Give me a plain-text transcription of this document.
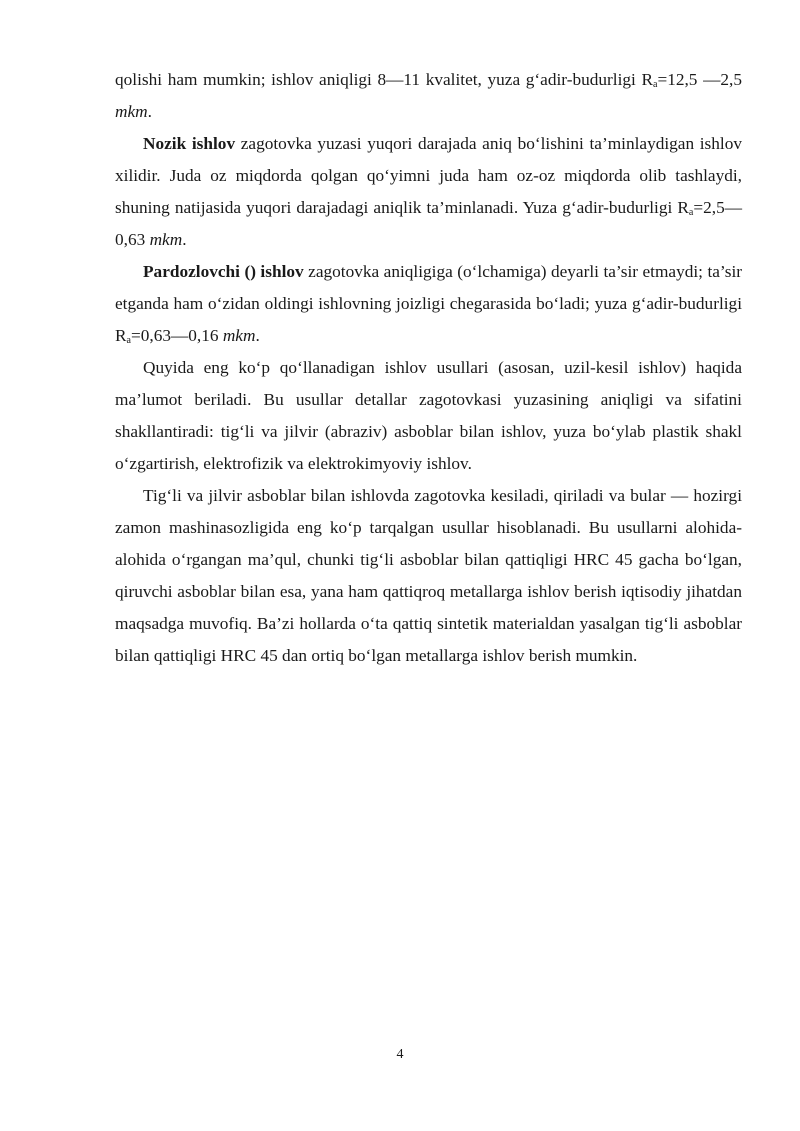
qolishi ham mumkin; ishlov aniqligi 8—11 kvalitet, yuza g‘adir-budurligi $R_a=12,5$ —2,5 mkm.

Nozik ishlov zagotovka yuzasi yuqori darajada aniq bo‘lishini ta’minlaydigan ishlov xilidir. Juda oz miqdorda qolgan qo‘yimni juda ham oz-oz miqdorda olib tashlaydi, shuning natijasida yuqori darajadagi aniqlik ta’minlanadi. Yuza g‘adir-budurligi $R_a=2,5—0,63$ mkm.

Pardozlovchi () ishlov zagotovka aniqligiga (o‘lchamiga) deyarli ta’sir etmaydi; ta’sir etganda ham o‘zidan oldingi ishlovning joizligi chegarasida bo‘ladi; yuza g‘adir-budurligi $R_a=0,63—0,16$ mkm.

Quyida eng ko‘p qo‘llanadigan ishlov usullari (asosan, uzil-kesil ishlov) haqida ma’lumot beriladi. Bu usullar detallar zagotovkasi yuzasining aniqligi va sifatini shakllantiradi: tig‘li va jilvir (abraziv) asboblar bilan ishlov, yuza bo‘ylab plastik shakl o‘zgartirish, elektrofizik va elektrokimyoviy ishlov.

Tig‘li va jilvir asboblar bilan ishlovda zagotovka kesiladi, qiriladi va bular — hozirgi zamon mashinasozligida eng ko‘p tarqalgan usullar hisoblanadi. Bu usullarni alohida-alohida o‘rgangan ma’qul, chunki tig‘li asboblar bilan qattiqligi HRC 45 gacha bo‘lgan, qiruvchi asboblar bilan esa, yana ham qattiqroq metallarga ishlov berish iqtisodiy jihatdan maqsadga muvofiq. Ba’zi hollarda o‘ta qattiq sintetik materialdan yasalgan tig‘li asboblar bilan qattiqligi HRC 45 dan ortiq bo‘lgan metallarga ishlov berish mumkin.

4
